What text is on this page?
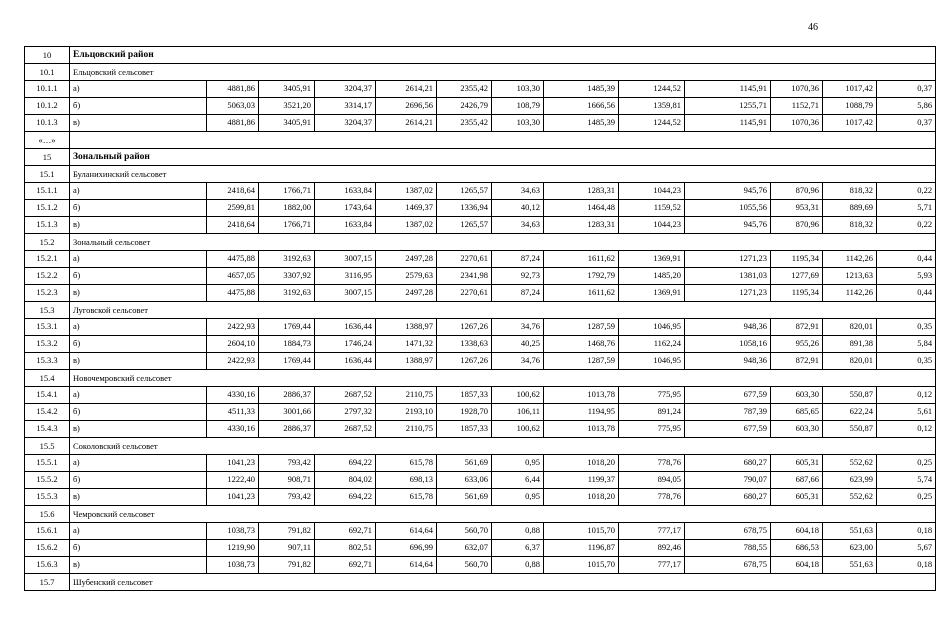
46
10	Ельцовский район												
10.1	Ельцовский сельсовет												
10.1.1	а)	4881,86	3405,91	3204,37	2614,21	2355,42	103,30	1485,39	1244,52	1145,91	1070,36	1017,42	0,37
10.1.2	б)	5063,03	3521,20	3314,17	2696,56	2426,79	108,79	1666,56	1359,81	1255,71	1152,71	1088,79	5,86
10.1.3	в)	4881,86	3405,91	3204,37	2614,21	2355,42	103,30	1485,39	1244,52	1145,91	1070,36	1017,42	0,37
«…»													
15	Зональный район												
15.1	Буланихинский сельсовет												
15.1.1	а)	2418,64	1766,71	1633,84	1387,02	1265,57	34,63	1283,31	1044,23	945,76	870,96	818,32	0,22
15.1.2	б)	2599,81	1882,00	1743,64	1469,37	1336,94	40,12	1464,48	1159,52	1055,56	953,31	889,69	5,71
15.1.3	в)	2418,64	1766,71	1633,84	1387,02	1265,57	34,63	1283,31	1044,23	945,76	870,96	818,32	0,22
15.2	Зональный сельсовет												
15.2.1	а)	4475,88	3192,63	3007,15	2497,28	2270,61	87,24	1611,62	1369,91	1271,23	1195,34	1142,26	0,44
15.2.2	б)	4657,05	3307,92	3116,95	2579,63	2341,98	92,73	1792,79	1485,20	1381,03	1277,69	1213,63	5,93
15.2.3	в)	4475,88	3192,63	3007,15	2497,28	2270,61	87,24	1611,62	1369,91	1271,23	1195,34	1142,26	0,44
15.3	Луговской сельсовет												
15.3.1	а)	2422,93	1769,44	1636,44	1388,97	1267,26	34,76	1287,59	1046,95	948,36	872,91	820,01	0,35
15.3.2	б)	2604,10	1884,73	1746,24	1471,32	1338,63	40,25	1468,76	1162,24	1058,16	955,26	891,38	5,84
15.3.3	в)	2422,93	1769,44	1636,44	1388,97	1267,26	34,76	1287,59	1046,95	948,36	872,91	820,01	0,35
15.4	Новочемровский сельсовет												
15.4.1	а)	4330,16	2886,37	2687,52	2110,75	1857,33	100,62	1013,78	775,95	677,59	603,30	550,87	0,12
15.4.2	б)	4511,33	3001,66	2797,32	2193,10	1928,70	106,11	1194,95	891,24	787,39	685,65	622,24	5,61
15.4.3	в)	4330,16	2886,37	2687,52	2110,75	1857,33	100,62	1013,78	775,95	677,59	603,30	550,87	0,12
15.5	Соколовский сельсовет												
15.5.1	а)	1041,23	793,42	694,22	615,78	561,69	0,95	1018,20	778,76	680,27	605,31	552,62	0,25
15.5.2	б)	1222,40	908,71	804,02	698,13	633,06	6,44	1199,37	894,05	790,07	687,66	623,99	5,74
15.5.3	в)	1041,23	793,42	694,22	615,78	561,69	0,95	1018,20	778,76	680,27	605,31	552,62	0,25
15.6	Чемровский сельсовет												
15.6.1	а)	1038,73	791,82	692,71	614,64	560,70	0,88	1015,70	777,17	678,75	604,18	551,63	0,18
15.6.2	б)	1219,90	907,11	802,51	696,99	632,07	6,37	1196,87	892,46	788,55	686,53	623,00	5,67
15.6.3	в)	1038,73	791,82	692,71	614,64	560,70	0,88	1015,70	777,17	678,75	604,18	551,63	0,18
15.7	Шубенский сельсовет												
